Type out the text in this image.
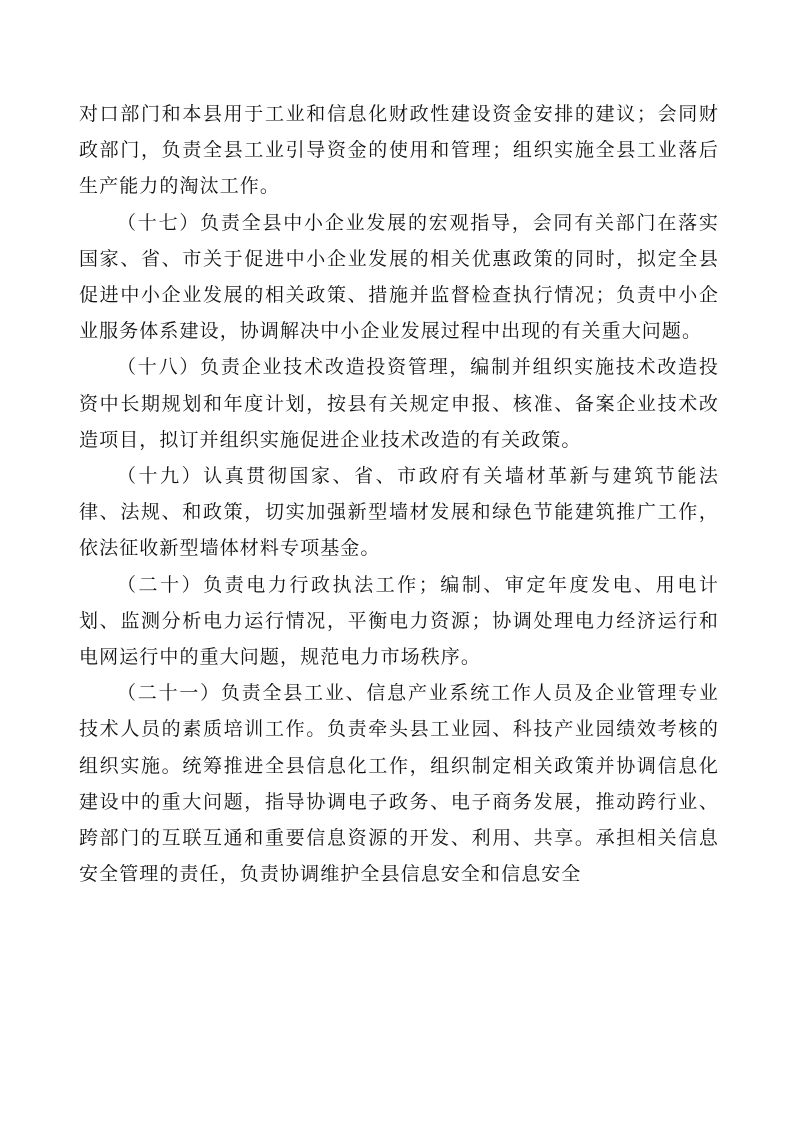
对口部门和本县用于工业和信息化财政性建设资金安排的建议；会同财政部门，负责全县工业引导资金的使用和管理；组织实施全县工业落后生产能力的淘汰工作。

（十七）负责全县中小企业发展的宏观指导，会同有关部门在落实国家、省、市关于促进中小企业发展的相关优惠政策的同时，拟定全县促进中小企业发展的相关政策、措施并监督检查执行情况；负责中小企业服务体系建设，协调解决中小企业发展过程中出现的有关重大问题。

（十八）负责企业技术改造投资管理，编制并组织实施技术改造投资中长期规划和年度计划，按县有关规定申报、核准、备案企业技术改造项目，拟订并组织实施促进企业技术改造的有关政策。

（十九）认真贯彻国家、省、市政府有关墙材革新与建筑节能法律、法规、和政策，切实加强新型墙材发展和绿色节能建筑推广工作，依法征收新型墙体材料专项基金。

（二十）负责电力行政执法工作；编制、审定年度发电、用电计划、监测分析电力运行情况，平衡电力资源；协调处理电力经济运行和电网运行中的重大问题，规范电力市场秩序。

（二十一）负责全县工业、信息产业系统工作人员及企业管理专业技术人员的素质培训工作。负责牵头县工业园、科技产业园绩效考核的组织实施。统筹推进全县信息化工作，组织制定相关政策并协调信息化建设中的重大问题，指导协调电子政务、电子商务发展，推动跨行业、跨部门的互联互通和重要信息资源的开发、利用、共享。承担相关信息安全管理的责任，负责协调维护全县信息安全和信息安全
